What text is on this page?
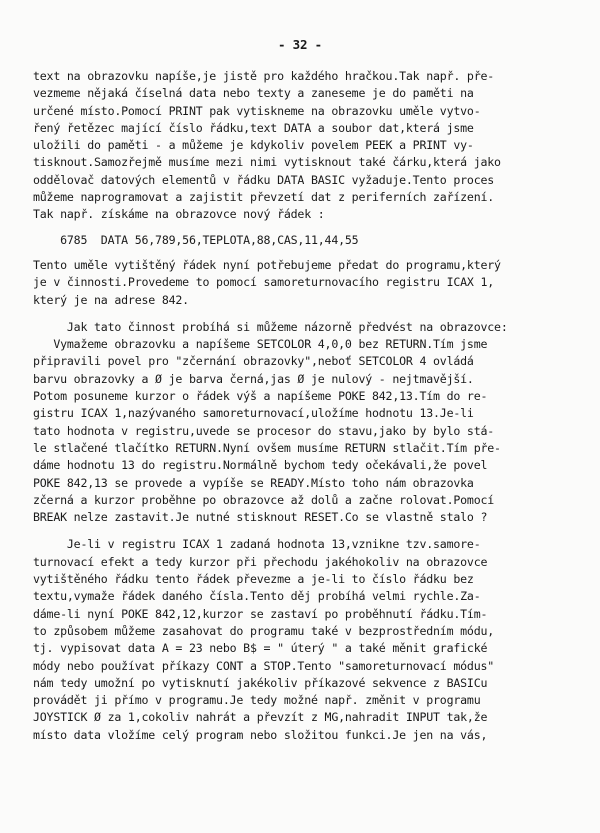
- 32 -
text na obrazovku napíše,je jistě pro každého hračkou.Tak např. pře-
vezmeme nějaká číselná data nebo texty a zaneseme je do paměti na
určené místo.Pomocí PRINT pak vytiskneme na obrazovku uměle vytvo-
řený řetězec mající číslo řádku,text DATA a soubor dat,která jsme
uložili do paměti - a můžeme je kdykoliv povelem PEEK a PRINT vy-
tisknout.Samozřejmě musíme mezi nimi vytisknout také čárku,která jako
oddělovač datových elementů v řádku DATA BASIC vyžaduje.Tento proces
můžeme naprogramovat a zajistit převzetí dat z periferních zařízení.
Tak např. získáme na obrazovce nový řádek :
6785  DATA 56,789,56,TEPLOTA,88,CAS,11,44,55
Tento uměle vytištěný řádek nyní potřebujeme předat do programu,který
je v činnosti.Provedeme to pomocí samoreturnovacího registru ICAX 1,
který je na adrese 842.
Jak tato činnost probíhá si můžeme názorně předvést na obrazovce:
Vymažeme obrazovku a napíšeme SETCOLOR 4,0,0 bez RETURN.Tím jsme
připravili povel pro "zčernání obrazovky",neboť SETCOLOR 4 ovládá
barvu obrazovky a Ø je barva černá,jas Ø je nulový - nejtmavější.
Potom posuneme kurzor o řádek výš a napíšeme POKE 842,13.Tím do re-
gistru ICAX 1,nazývaného samoreturnovací,uložíme hodnotu 13.Je-li
tato hodnota v registru,uvede se procesor do stavu,jako by bylo stá-
le stlačené tlačítko RETURN.Nyní ovšem musíme RETURN stlačit.Tím pře-
dáme hodnotu 13 do registru.Normálně bychom tedy očekávali,že povel
POKE 842,13 se provede a vypíše se READY.Místo toho nám obrazovka
zčerná a kurzor proběhne po obrazovce až dolů a začne rolovat.Pomocí
BREAK nelze zastavit.Je nutné stisknout RESET.Co se vlastně stalo ?
Je-li v registru ICAX 1 zadaná hodnota 13,vznikne tzv.samore-
turnovací efekt a tedy kurzor při přechodu jakéhokoliv na obrazovce
vytištěného řádku tento řádek převezme a je-li to číslo řádku bez
textu,vymaže řádek daného čísla.Tento děj probíhá velmi rychle.Za-
dáme-li nyní POKE 842,12,kurzor se zastaví po proběhnutí řádku.Tím-
to způsobem můžeme zasahovat do programu také v bezprostředním módu,
tj. vypisovat data A = 23 nebo B$ = " úterý " a také měnit grafické
módy nebo používat příkazy CONT a STOP.Tento "samoreturnovací módus"
nám tedy umožní po vytisknutí jakékoliv příkazové sekvence z BASICu
provádět ji přímo v programu.Je tedy možné např. změnit v programu
JOYSTICK Ø za 1,cokoliv nahrát a převzít z MG,nahradit INPUT tak,že
místo data vložíme celý program nebo složitou funkci.Je jen na vás,
